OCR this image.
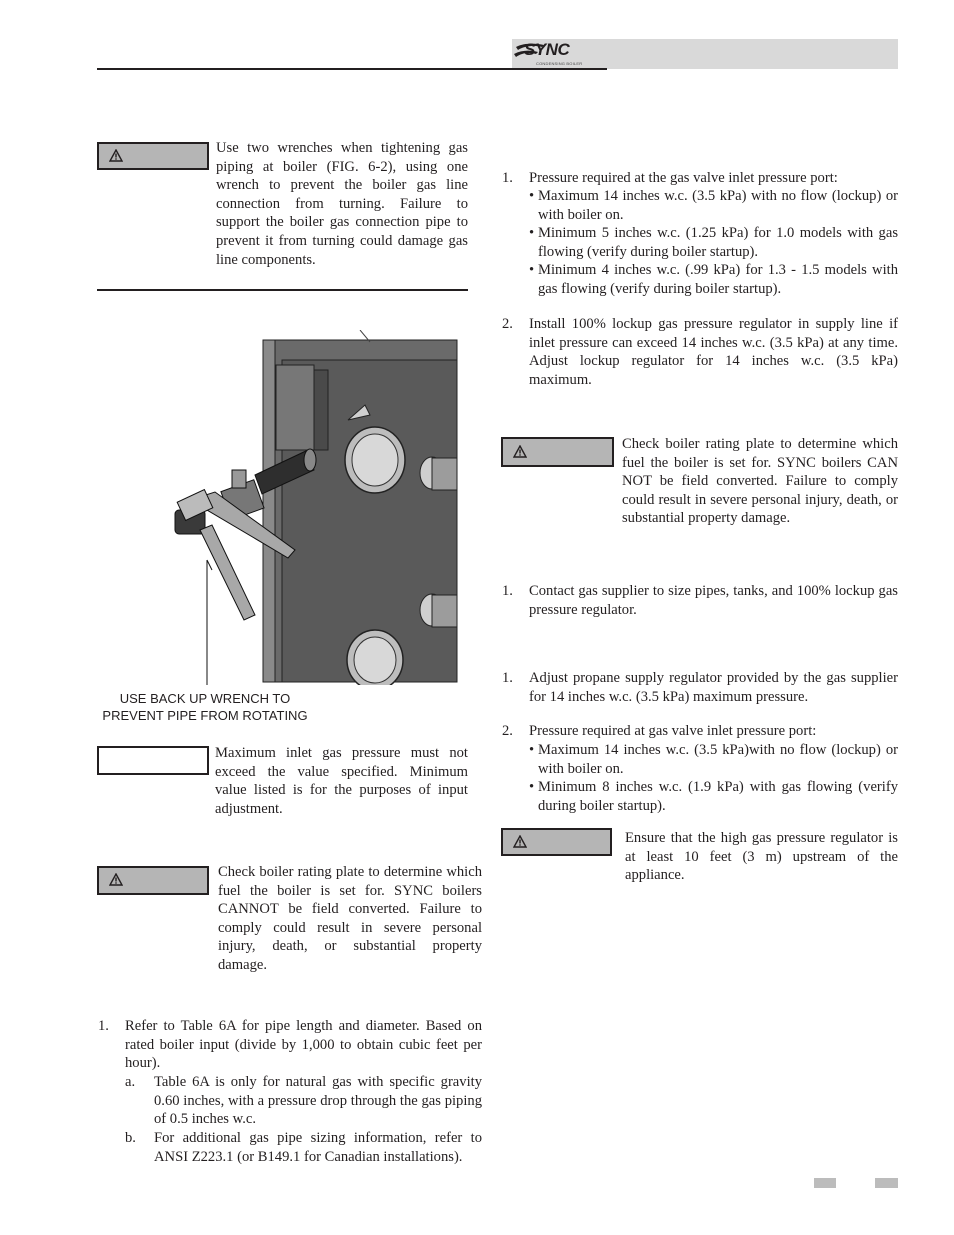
SYNC
CONDENSING BOILER
Use two wrenches when tightening gas piping at boiler (FIG. 6-2), using one wrench to prevent the boiler gas line connection from turning. Failure to support the boiler gas connection pipe to prevent it from turning could damage gas line components.
USE BACK UP WRENCH TO
PREVENT PIPE FROM ROTATING
Maximum inlet gas pressure must not exceed the value specified. Minimum value listed is for the purposes of input adjustment.
Check boiler rating plate to determine which fuel the boiler is set for. SYNC boilers CANNOT be field converted. Failure to comply could result in severe personal injury, death, or substantial property damage.
1. Refer to Table 6A for pipe length and diameter. Based on rated boiler input (divide by 1,000 to obtain cubic feet per hour).
a. Table 6A is only for natural gas with specific gravity 0.60 inches, with a pressure drop through the gas piping of 0.5 inches w.c.
b. For additional gas pipe sizing information, refer to ANSI Z223.1 (or B149.1 for Canadian installations).
1. Pressure required at the gas valve inlet pressure port:
• Maximum 14 inches w.c. (3.5 kPa) with no flow (lockup) or with boiler on.
• Minimum 5 inches w.c. (1.25 kPa) for 1.0 models with gas flowing (verify during boiler startup).
• Minimum 4 inches w.c. (.99 kPa) for 1.3 - 1.5 models with gas flowing (verify during boiler startup).
2. Install 100% lockup gas pressure regulator in supply line if inlet pressure can exceed 14 inches w.c. (3.5 kPa) at any time. Adjust lockup regulator for 14 inches w.c. (3.5 kPa) maximum.
Check boiler rating plate to determine which fuel the boiler is set for. SYNC boilers CAN NOT be field converted. Failure to comply could result in severe personal injury, death, or substantial property damage.
1. Contact gas supplier to size pipes, tanks, and 100% lockup gas pressure regulator.
1. Adjust propane supply regulator provided by the gas supplier for 14 inches w.c. (3.5 kPa) maximum pressure.
2. Pressure required at gas valve inlet pressure port:
• Maximum 14 inches w.c. (3.5 kPa)with no flow (lockup) or with boiler on.
• Minimum 8 inches w.c. (1.9 kPa) with gas flowing (verify during boiler startup).
Ensure that the high gas pressure regulator is at least 10 feet (3 m) upstream of the appliance.
